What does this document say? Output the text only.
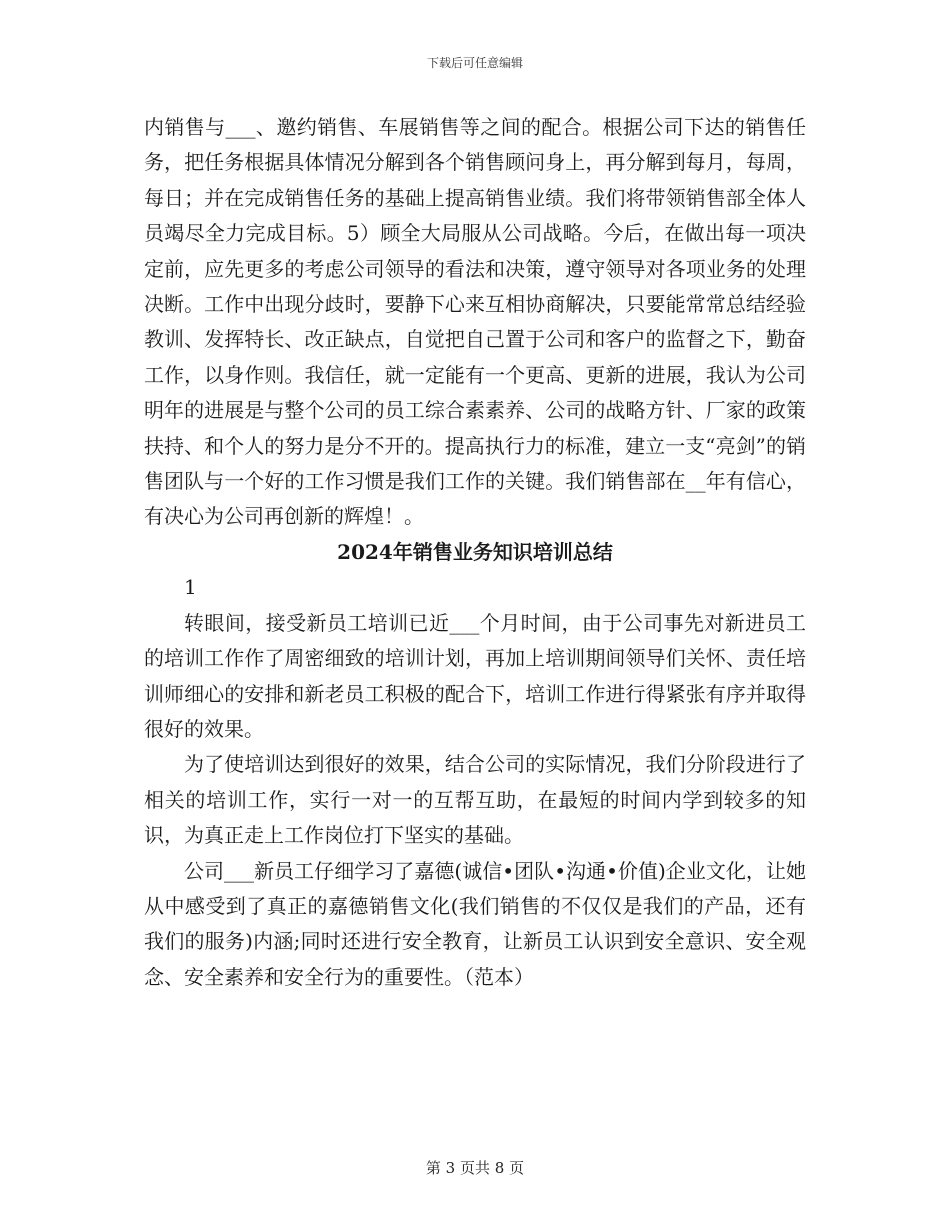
下载后可任意编辑

内销售与___、邀约销售、车展销售等之间的配合。根据公司下达的销售任务，把任务根据具体情况分解到各个销售顾问身上，再分解到每月，每周，每日；并在完成销售任务的基础上提高销售业绩。我们将带领销售部全体人员竭尽全力完成目标。5）顾全大局服从公司战略。今后，在做出每一项决定前，应先更多的考虑公司领导的看法和决策，遵守领导对各项业务的处理决断。工作中出现分歧时，要静下心来互相协商解决，只要能常常总结经验教训、发挥特长、改正缺点，自觉把自己置于公司和客户的监督之下，勤奋工作，以身作则。我信任，就一定能有一个更高、更新的进展，我认为公司明年的进展是与整个公司的员工综合素素养、公司的战略方针、厂家的政策扶持、和个人的努力是分不开的。提高执行力的标准，建立一支“亮剑”的销售团队与一个好的工作习惯是我们工作的关键。我们销售部在__年有信心，有决心为公司再创新的辉煌！。

2024年销售业务知识培训总结

1

转眼间，接受新员工培训已近___个月时间，由于公司事先对新进员工的培训工作作了周密细致的培训计划，再加上培训期间领导们关怀、责任培训师细心的安排和新老员工积极的配合下，培训工作进行得紧张有序并取得很好的效果。

为了使培训达到很好的效果，结合公司的实际情况，我们分阶段进行了相关的培训工作，实行一对一的互帮互助，在最短的时间内学到较多的知识，为真正走上工作岗位打下坚实的基础。

公司___新员工仔细学习了嘉德(诚信•团队•沟通•价值)企业文化，让她从中感受到了真正的嘉德销售文化(我们销售的不仅仅是我们的产品，还有我们的服务)内涵;同时还进行安全教育，让新员工认识到安全意识、安全观念、安全素养和安全行为的重要性。（范本）

第 3 页共 8 页
